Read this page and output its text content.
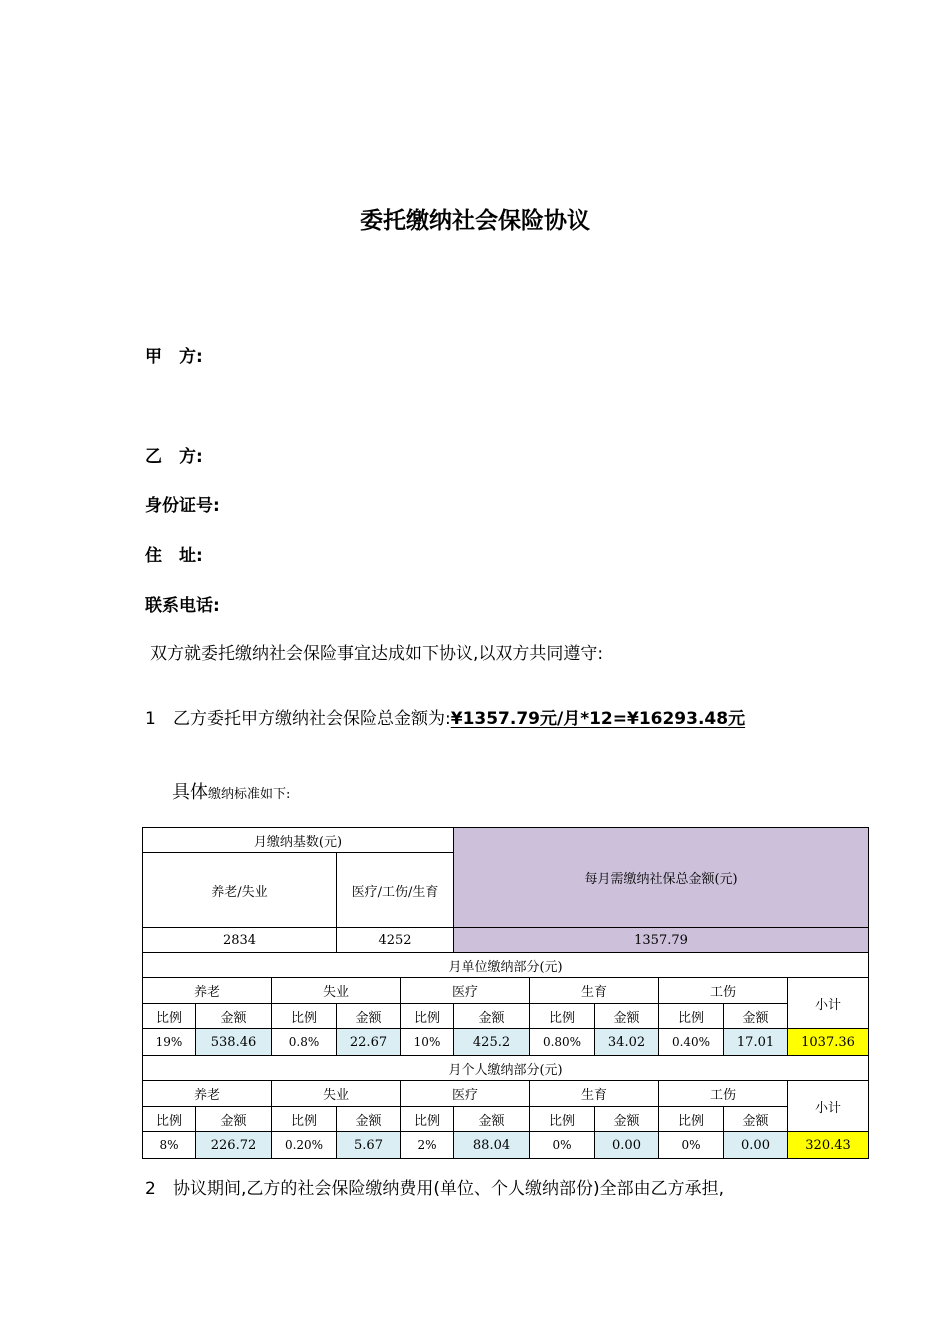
委托缴纳社会保险协议
甲　方:
乙　方:
身份证号:
住　址:
联系电话:
双方就委托缴纳社会保险事宜达成如下协议,以双方共同遵守:
1 乙方委托甲方缴纳社会保险总金额为:¥1357.79元/月*12=¥16293.48元
具体缴纳标准如下:
月缴纳基数(元)					每月需缴纳社保总金额(元)					
养老/失业			医疗/工伤/生育							
2834			4252		1357.79					
月单位缴纳部分(元)										
养老		失业		医疗		生育		工伤		小计
比例	金额	比例	金额	比例	金额	比例	金额	比例	金额	
19%	538.46	0.8%	22.67	10%	425.2	0.80%	34.02	0.40%	17.01	1037.36
月个人缴纳部分(元)										
养老		失业		医疗		生育		工伤		小计
比例	金额	比例	金额	比例	金额	比例	金额	比例	金额	
8%	226.72	0.20%	5.67	2%	88.04	0%	0.00	0%	0.00	320.43
2 协议期间,乙方的社会保险缴纳费用(单位、个人缴纳部份)全部由乙方承担,
